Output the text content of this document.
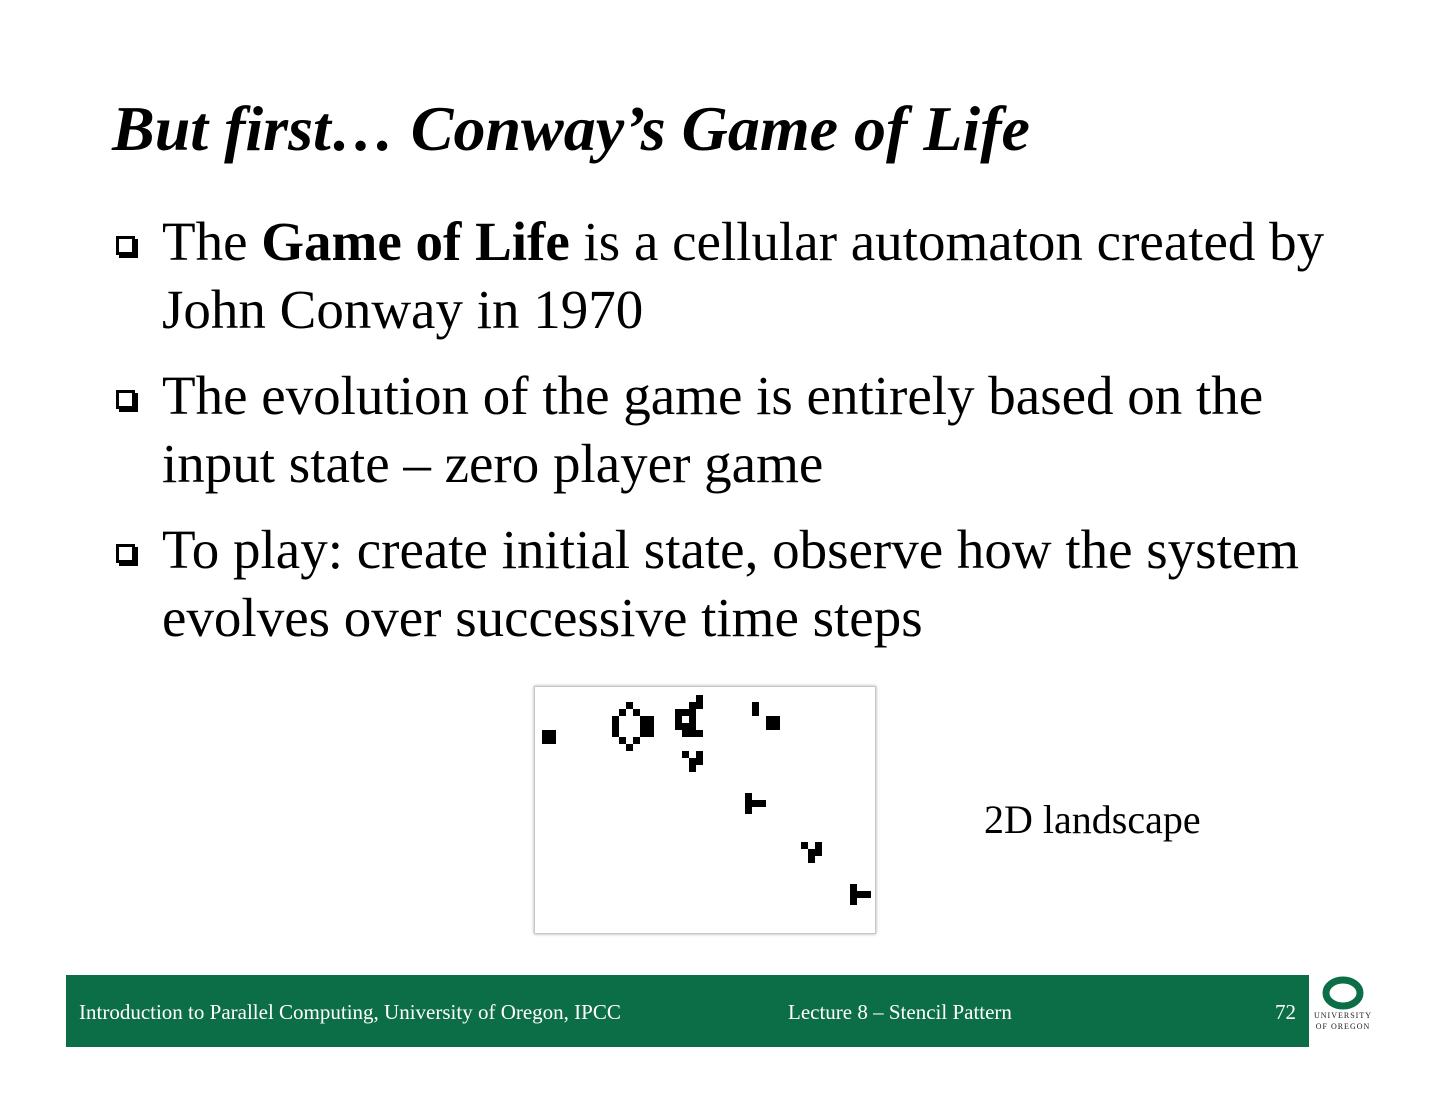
But first… Conway’s Game of Life
The Game of Life is a cellular automaton created by John Conway in 1970
The evolution of the game is entirely based on the input state – zero player game
To play: create initial state, observe how the system evolves over successive time steps
2D landscape
Introduction to Parallel Computing, University of Oregon, IPCC	Lecture 8 – Stencil Pattern	72	UNIVERSITY
OF OREGON
